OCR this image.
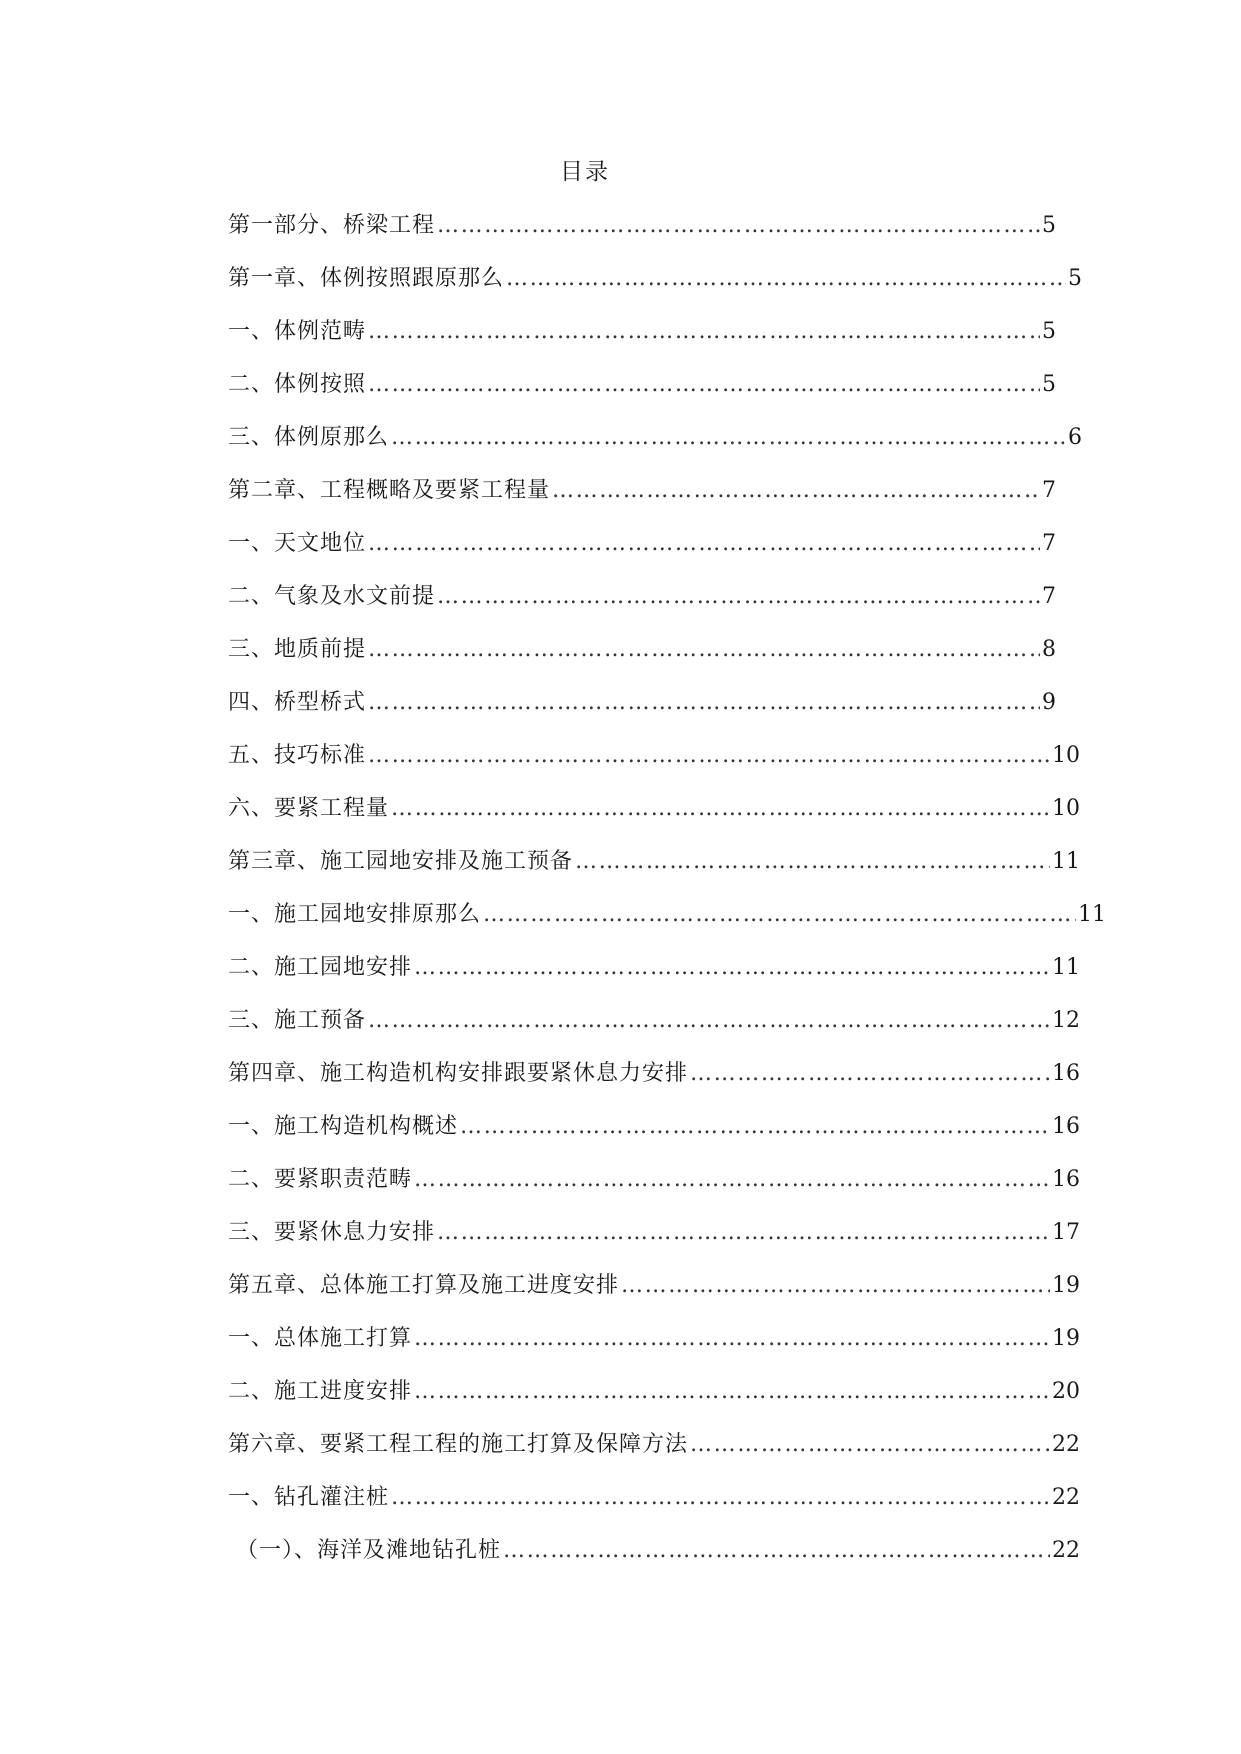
目录
第一部分、桥梁工程 …………………………………………………………………………………………………………………………………………………………………………………………	5
第一章、体例按照跟原那么 …………………………………………………………………………………………………………………………………………………………………………………………	5
一、体例范畴 …………………………………………………………………………………………………………………………………………………………………………………………	5
二、体例按照 …………………………………………………………………………………………………………………………………………………………………………………………	5
三、体例原那么 …………………………………………………………………………………………………………………………………………………………………………………………	6
第二章、工程概略及要紧工程量 …………………………………………………………………………………………………………………………………………………………………………………………	7
一、天文地位 …………………………………………………………………………………………………………………………………………………………………………………………	7
二、气象及水文前提 …………………………………………………………………………………………………………………………………………………………………………………………	7
三、地质前提 …………………………………………………………………………………………………………………………………………………………………………………………	8
四、桥型桥式 …………………………………………………………………………………………………………………………………………………………………………………………	9
五、技巧标准 …………………………………………………………………………………………………………………………………………………………………………………………	10
六、要紧工程量 …………………………………………………………………………………………………………………………………………………………………………………………	10
第三章、施工园地安排及施工预备 …………………………………………………………………………………………………………………………………………………………………………………………	11
一、施工园地安排原那么 …………………………………………………………………………………………………………………………………………………………………………………………	11
二、施工园地安排 …………………………………………………………………………………………………………………………………………………………………………………………	11
三、施工预备 …………………………………………………………………………………………………………………………………………………………………………………………	12
第四章、施工构造机构安排跟要紧休息力安排 …………………………………………………………………………………………………………………………………………………………………………………………	16
一、施工构造机构概述 …………………………………………………………………………………………………………………………………………………………………………………………	16
二、要紧职责范畴 …………………………………………………………………………………………………………………………………………………………………………………………	16
三、要紧休息力安排 …………………………………………………………………………………………………………………………………………………………………………………………	17
第五章、总体施工打算及施工进度安排 …………………………………………………………………………………………………………………………………………………………………………………………	19
一、总体施工打算 …………………………………………………………………………………………………………………………………………………………………………………………	19
二、施工进度安排 …………………………………………………………………………………………………………………………………………………………………………………………	20
第六章、要紧工程工程的施工打算及保障方法 …………………………………………………………………………………………………………………………………………………………………………………………	22
一、钻孔灌注桩 …………………………………………………………………………………………………………………………………………………………………………………………	22
（一）、海洋及滩地钻孔桩 …………………………………………………………………………………………………………………………………………………………………………………………	22
